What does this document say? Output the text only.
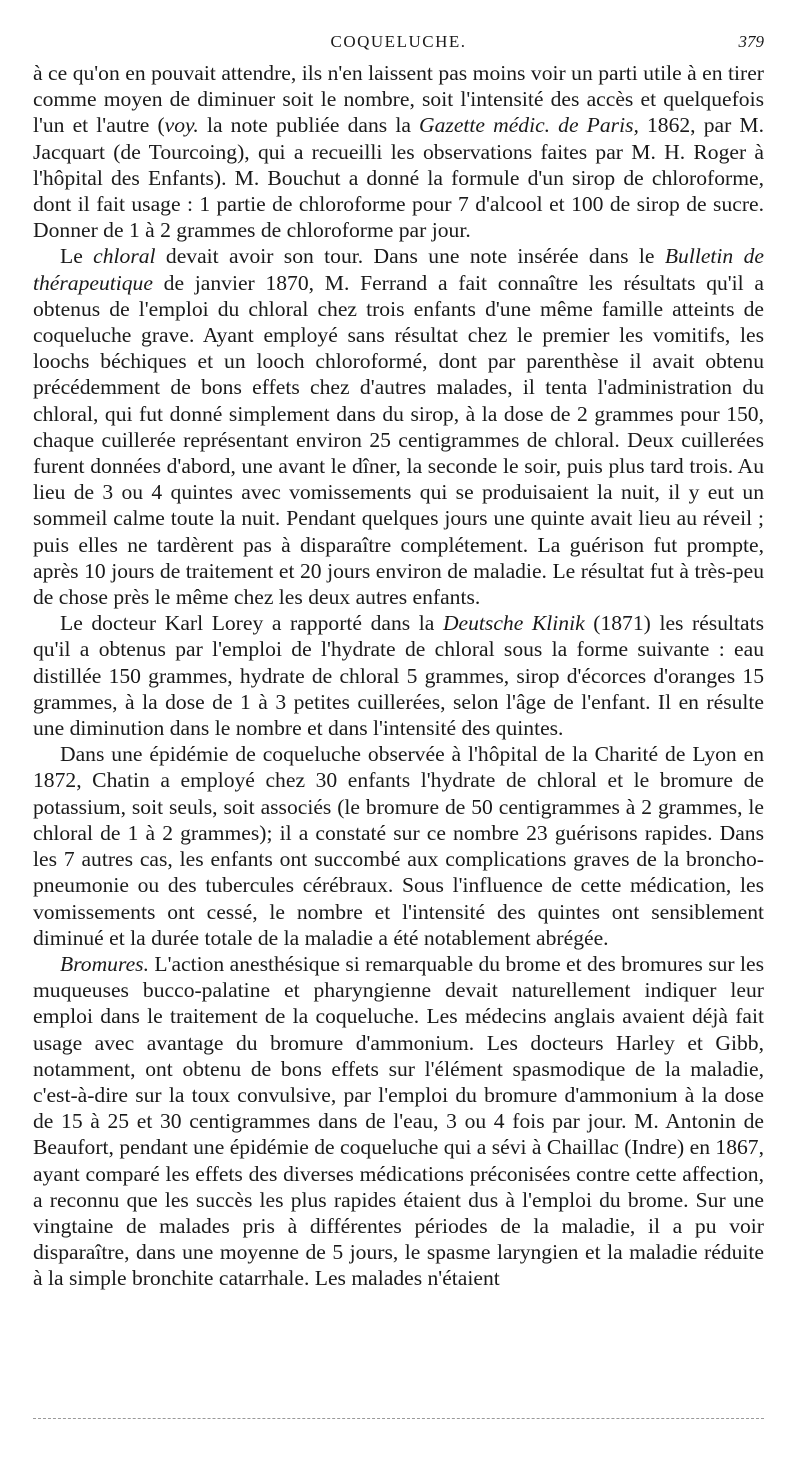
COQUELUCHE.	379

à ce qu'on en pouvait attendre, ils n'en laissent pas moins voir un parti utile à en tirer comme moyen de diminuer soit le nombre, soit l'intensité des accès et quelquefois l'un et l'autre (voy. la note publiée dans la Gazette médic. de Paris, 1862, par M. Jacquart (de Tourcoing), qui a recueilli les observations faites par M. H. Roger à l'hôpital des Enfants). M. Bouchut a donné la formule d'un sirop de chloroforme, dont il fait usage : 1 partie de chloroforme pour 7 d'alcool et 100 de sirop de sucre. Donner de 1 à 2 grammes de chloroforme par jour.

Le chloral devait avoir son tour. Dans une note insérée dans le Bulletin de thérapeutique de janvier 1870, M. Ferrand a fait connaître les résultats qu'il a obtenus de l'emploi du chloral chez trois enfants d'une même famille atteints de coqueluche grave. Ayant employé sans résultat chez le premier les vomitifs, les loochs béchiques et un looch chloroformé, dont par parenthèse il avait obtenu précédemment de bons effets chez d'autres malades, il tenta l'administration du chloral, qui fut donné simplement dans du sirop, à la dose de 2 grammes pour 150, chaque cuillerée représentant environ 25 centigrammes de chloral. Deux cuillerées furent données d'abord, une avant le dîner, la seconde le soir, puis plus tard trois. Au lieu de 3 ou 4 quintes avec vomissements qui se produisaient la nuit, il y eut un sommeil calme toute la nuit. Pendant quelques jours une quinte avait lieu au réveil ; puis elles ne tardèrent pas à disparaître complétement. La guérison fut prompte, après 10 jours de traitement et 20 jours environ de maladie. Le résultat fut à très-peu de chose près le même chez les deux autres enfants.

Le docteur Karl Lorey a rapporté dans la Deutsche Klinik (1871) les résultats qu'il a obtenus par l'emploi de l'hydrate de chloral sous la forme suivante : eau distillée 150 grammes, hydrate de chloral 5 grammes, sirop d'écorces d'oranges 15 grammes, à la dose de 1 à 3 petites cuillerées, selon l'âge de l'enfant. Il en résulte une diminution dans le nombre et dans l'intensité des quintes.

Dans une épidémie de coqueluche observée à l'hôpital de la Charité de Lyon en 1872, Chatin a employé chez 30 enfants l'hydrate de chloral et le bromure de potassium, soit seuls, soit associés (le bromure de 50 centigrammes à 2 grammes, le chloral de 1 à 2 grammes); il a constaté sur ce nombre 23 guérisons rapides. Dans les 7 autres cas, les enfants ont succombé aux complications graves de la broncho-pneumonie ou des tubercules cérébraux. Sous l'influence de cette médication, les vomissements ont cessé, le nombre et l'intensité des quintes ont sensiblement diminué et la durée totale de la maladie a été notablement abrégée.

Bromures. L'action anesthésique si remarquable du brome et des bromures sur les muqueuses bucco-palatine et pharyngienne devait naturellement indiquer leur emploi dans le traitement de la coqueluche. Les médecins anglais avaient déjà fait usage avec avantage du bromure d'ammonium. Les docteurs Harley et Gibb, notamment, ont obtenu de bons effets sur l'élément spasmodique de la maladie, c'est-à-dire sur la toux convulsive, par l'emploi du bromure d'ammonium à la dose de 15 à 25 et 30 centigrammes dans de l'eau, 3 ou 4 fois par jour. M. Antonin de Beaufort, pendant une épidémie de coqueluche qui a sévi à Chaillac (Indre) en 1867, ayant comparé les effets des diverses médications préconisées contre cette affection, a reconnu que les succès les plus rapides étaient dus à l'emploi du brome. Sur une vingtaine de malades pris à différentes périodes de la maladie, il a pu voir disparaître, dans une moyenne de 5 jours, le spasme laryngien et la maladie réduite à la simple bronchite catarrhale. Les malades n'étaient
